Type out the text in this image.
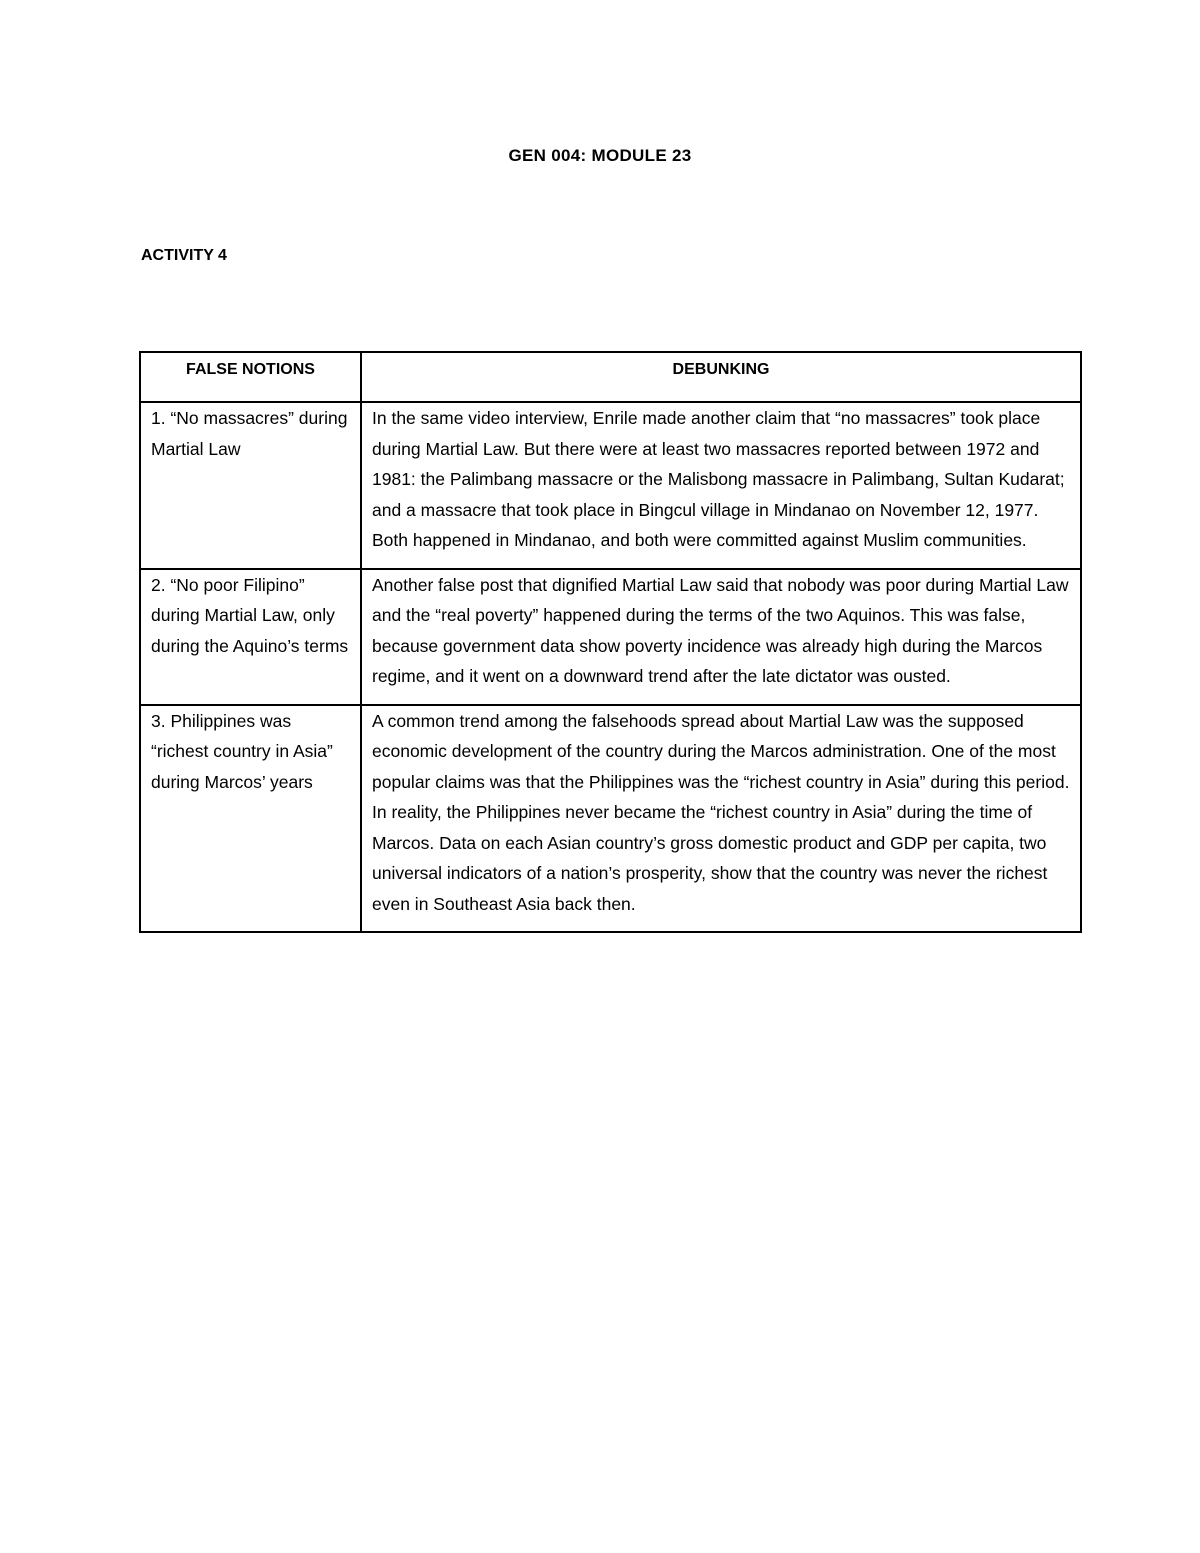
GEN 004: MODULE 23
ACTIVITY 4
FALSE NOTIONS	DEBUNKING
1. “No massacres” during Martial Law	In the same video interview, Enrile made another claim that “no massacres” took place during Martial Law. But there were at least two massacres reported between 1972 and 1981: the Palimbang massacre or the Malisbong massacre in Palimbang, Sultan Kudarat; and a massacre that took place in Bingcul village in Mindanao on November 12, 1977. Both happened in Mindanao, and both were committed against Muslim communities.
2. “No poor Filipino” during Martial Law, only during the Aquino’s terms	Another false post that dignified Martial Law said that nobody was poor during Martial Law and the “real poverty” happened during the terms of the two Aquinos. This was false, because government data show poverty incidence was already high during the Marcos regime, and it went on a downward trend after the late dictator was ousted.
3. Philippines was “richest country in Asia” during Marcos’ years	A common trend among the falsehoods spread about Martial Law was the supposed economic development of the country during the Marcos administration. One of the most popular claims was that the Philippines was the “richest country in Asia” during this period. In reality, the Philippines never became the “richest country in Asia” during the time of Marcos. Data on each Asian country’s gross domestic product and GDP per capita, two universal indicators of a nation’s prosperity, show that the country was never the richest even in Southeast Asia back then.
